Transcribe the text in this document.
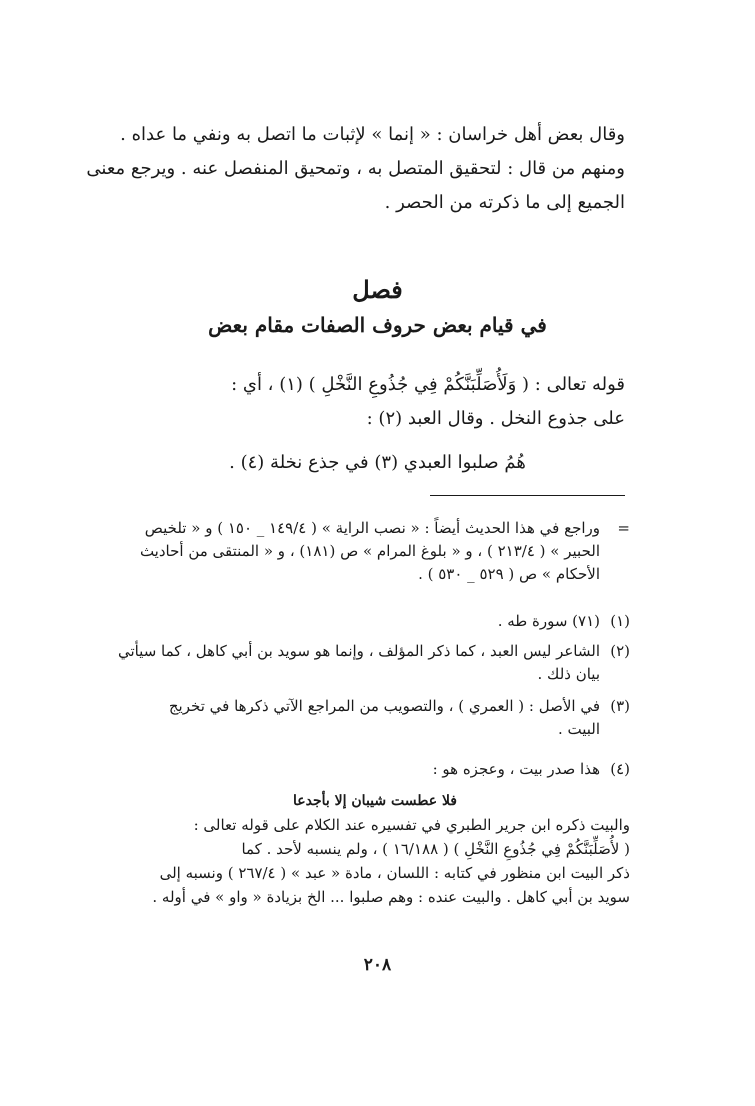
وقال بعض أهل خراسان : « إنما » لإثبات ما اتصل به ونفي ما عداه .
ومنهم من قال : لتحقيق المتصل به ، وتمحيق المنفصل عنه . ويرجع معنى
الجميع إلى ما ذكرته من الحصر .
فصل
في قيام بعض حروف الصفات مقام بعض
قوله تعالى : ( وَلَأُصَلِّبَنَّكُمْ فِي جُذُوعِ النَّخْلِ ) (١) ، أي :
على جذوع النخل . وقال العبد (٢) :
هُمُ صلبوا العبدي (٣) في جذع نخلة (٤) .
=
وراجع في هذا الحديث أيضاً : « نصب الراية » ( ١٤٩/٤ _ ١٥٠ ) و « تلخيص
الحبير » ( ٢١٣/٤ ) ، و « بلوغ المرام » ص (١٨١) ، و « المنتقى من أحاديث
الأحكام » ص ( ٥٢٩ _ ٥٣٠ ) .
(١)
(٧١) سورة طه .
(٢)
الشاعر ليس العبد ، كما ذكر المؤلف ، وإنما هو سويد بن أبي كاهل ، كما سيأتي
بيان ذلك .
(٣)
في الأصل : ( العمري ) ، والتصويب من المراجع الآتي ذكرها في تخريج
البيت .
(٤)
هذا صدر بيت ، وعجزه هو :
فلا عطست شيبان إلا بأجدعا
والبيت ذكره ابن جرير الطبري في تفسيره عند الكلام على قوله تعالى :
( لأُصَلِّبَنَّكُمْ فِي جُذُوعِ النَّخْلِ ) ( ١٦/١٨٨ ) ، ولم ينسبه لأحد . كما
ذكر البيت ابن منظور في كتابه : اللسان ، مادة « عبد » ( ٢٦٧/٤ ) ونسبه إلى
سويد بن أبي كاهل . والبيت عنده : وهم صلبوا ... الخ بزيادة « واو » في أوله .
٢٠٨
